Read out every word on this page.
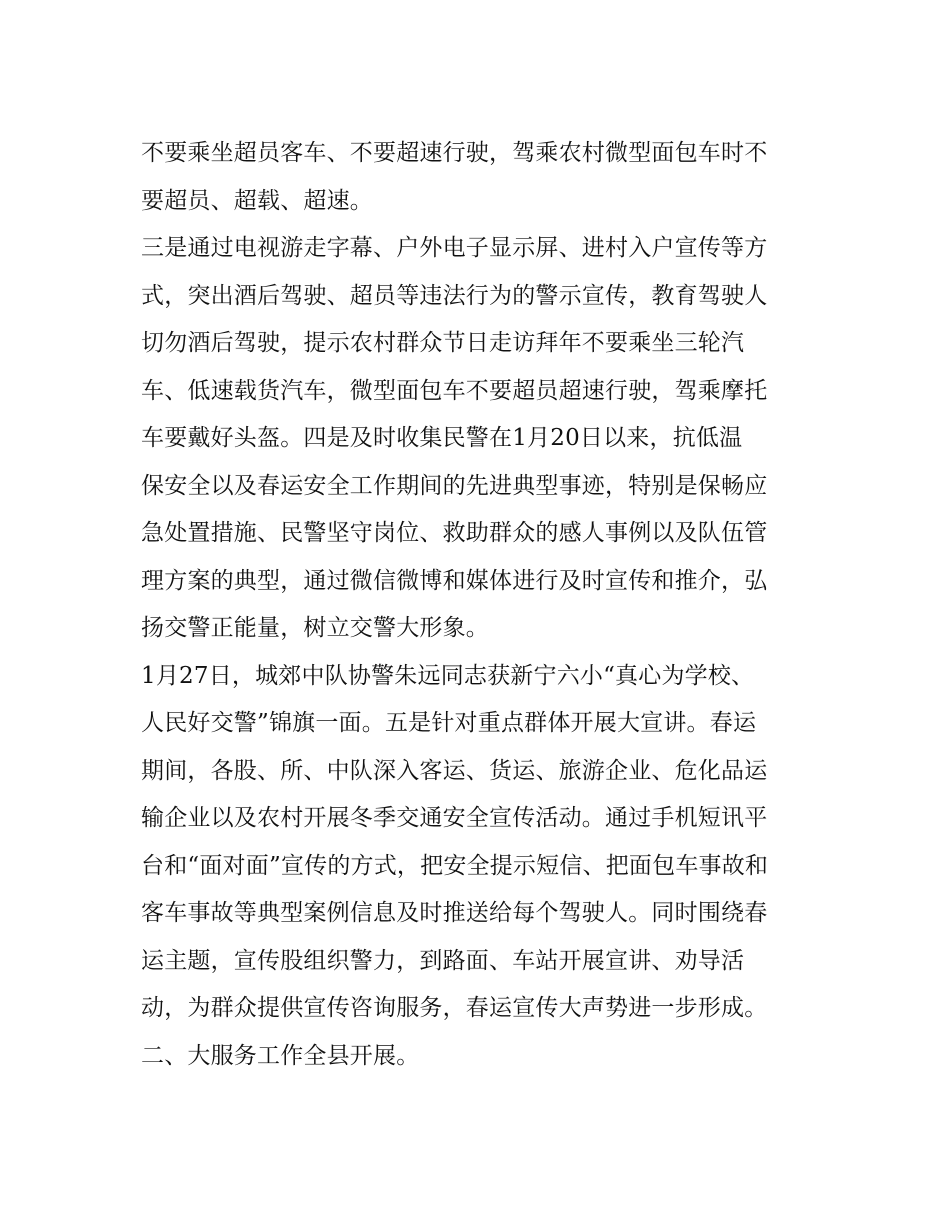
不要乘坐超员客车、不要超速行驶，驾乘农村微型面包车时不
要超员、超载、超速。
三是通过电视游走字幕、户外电子显示屏、进村入户宣传等方
式，突出酒后驾驶、超员等违法行为的警示宣传，教育驾驶人
切勿酒后驾驶，提示农村群众节日走访拜年不要乘坐三轮汽
车、低速载货汽车，微型面包车不要超员超速行驶，驾乘摩托
车要戴好头盔。四是及时收集民警在1月20日以来，抗低温
保安全以及春运安全工作期间的先进典型事迹，特别是保畅应
急处置措施、民警坚守岗位、救助群众的感人事例以及队伍管
理方案的典型，通过微信微博和媒体进行及时宣传和推介，弘
扬交警正能量，树立交警大形象。
1月27日，城郊中队协警朱远同志获新宁六小“真心为学校、
人民好交警”锦旗一面。五是针对重点群体开展大宣讲。春运
期间，各股、所、中队深入客运、货运、旅游企业、危化品运
输企业以及农村开展冬季交通安全宣传活动。通过手机短讯平
台和“面对面”宣传的方式，把安全提示短信、把面包车事故和
客车事故等典型案例信息及时推送给每个驾驶人。同时围绕春
运主题，宣传股组织警力，到路面、车站开展宣讲、劝导活
动，为群众提供宣传咨询服务，春运宣传大声势进一步形成。
二、大服务工作全县开展。
